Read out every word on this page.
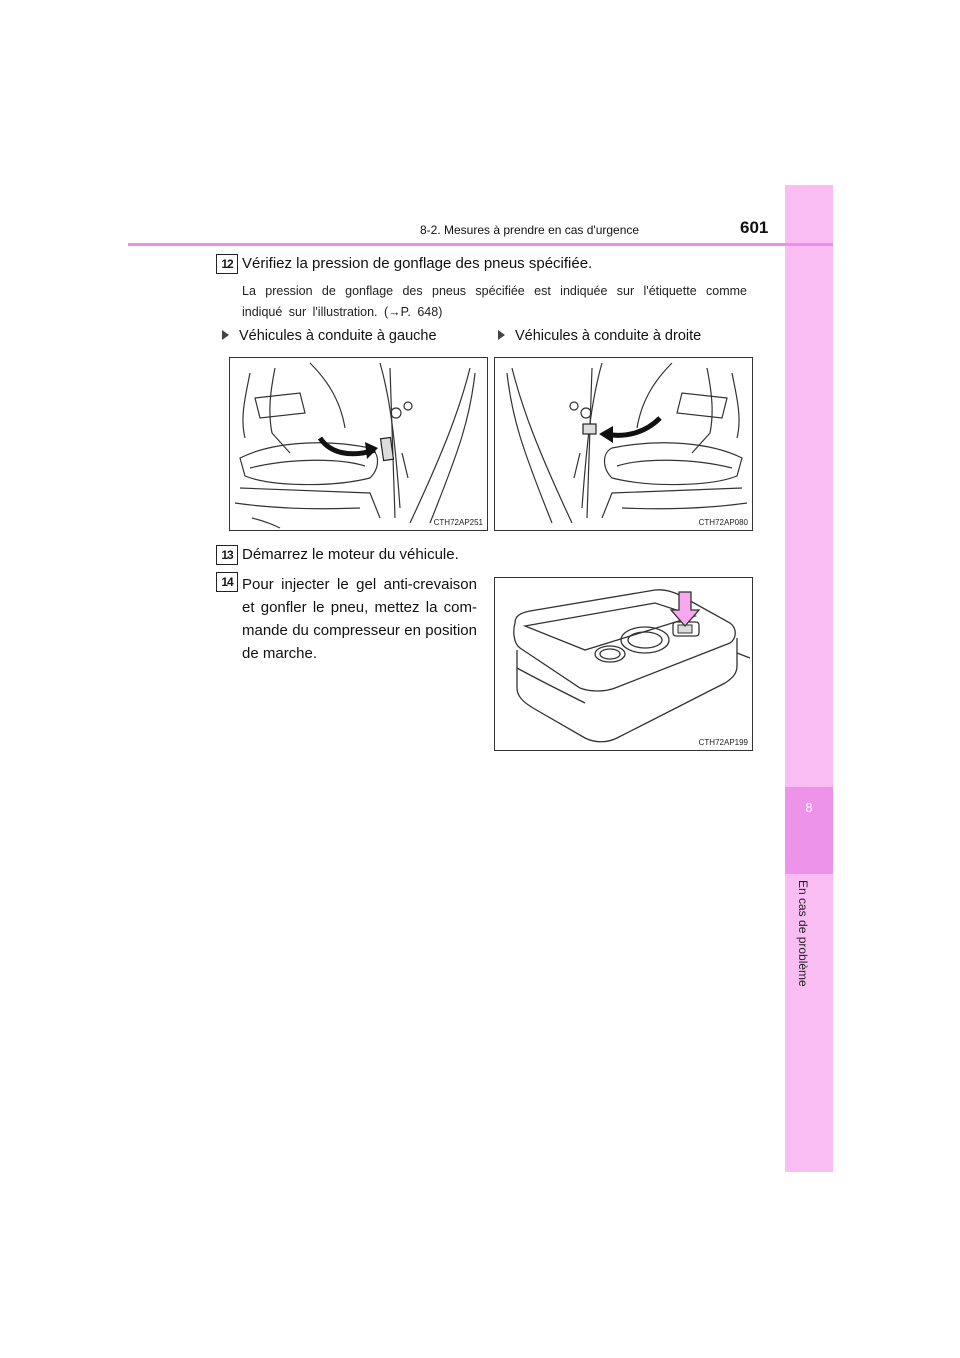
8
En cas de problème
8-2. Mesures à prendre en cas d'urgence	601
12 Vérifiez la pression de gonflage des pneus spécifiée.
La pression de gonflage des pneus spécifiée est indiquée sur l'étiquette comme indiqué sur l'illustration. (→P. 648)
Véhicules à conduite à gauche	Véhicules à conduite à droite
CTH72AP251	CTH72AP080
13 Démarrez le moteur du véhicule.
14 Pour injecter le gel anti-crevaison et gonfler le pneu, mettez la com-mande du compresseur en position de marche.
CTH72AP199
